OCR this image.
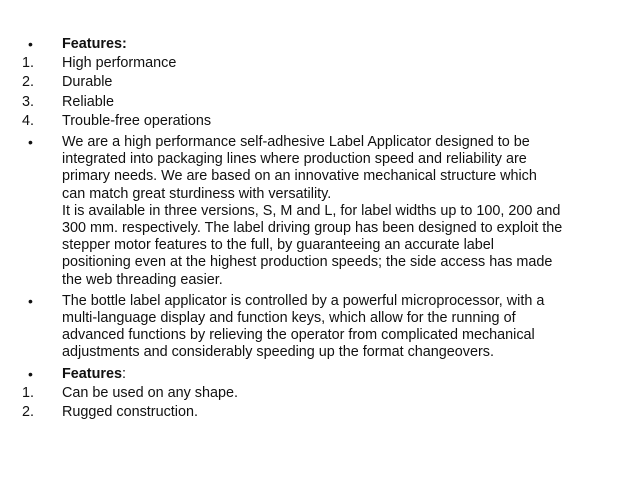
•	Features:
1.	High performance
2.	Durable
3.	Reliable
4.	Trouble-free operations
•	We are a high performance self-adhesive Label Applicator designed to be
integrated into packaging lines where production speed and reliability are
primary needs. We are based on an innovative mechanical structure which
can match great sturdiness with versatility.
It is available in three versions, S, M and L, for label widths up to 100, 200 and
300 mm. respectively. The label driving group has been designed to exploit the
stepper motor features to the full, by guaranteeing an accurate label
positioning even at the highest production speeds; the side access has made
the web threading easier.
•	The bottle label applicator is controlled by a powerful microprocessor, with a
multi-language display and function keys, which allow for the running of
advanced functions by relieving the operator from complicated mechanical
adjustments and considerably speeding up the format changeovers.
•	Features:
1.	Can be used on any shape.
2.	Rugged construction.
